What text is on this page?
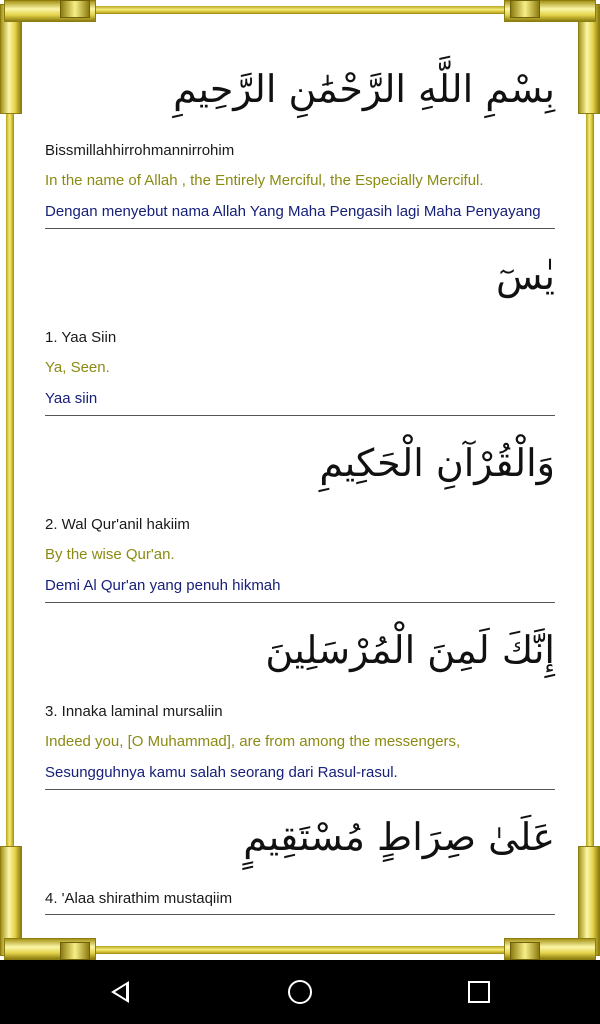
بِسْمِ اللَّهِ الرَّحْمَٰنِ الرَّحِيمِ
Bissmillahhirrohmannirrohim
In the name of Allah , the Entirely Merciful, the Especially Merciful.
Dengan menyebut nama Allah Yang Maha Pengasih lagi Maha Penyayang
يٰسٓ
1. Yaa Siin
Ya, Seen.
Yaa siin
وَالْقُرْآنِ الْحَكِيمِ
2. Wal Qur'anil hakiim
By the wise Qur'an.
Demi Al Qur'an yang penuh hikmah
إِنَّكَ لَمِنَ الْمُرْسَلِينَ
3. Innaka laminal mursaliin
Indeed you, [O Muhammad], are from among the messengers,
Sesungguhnya kamu salah seorang dari Rasul-rasul.
عَلَىٰ صِرَاطٍ مُسْتَقِيمٍ
4. 'Alaa shirathim mustaqiim
